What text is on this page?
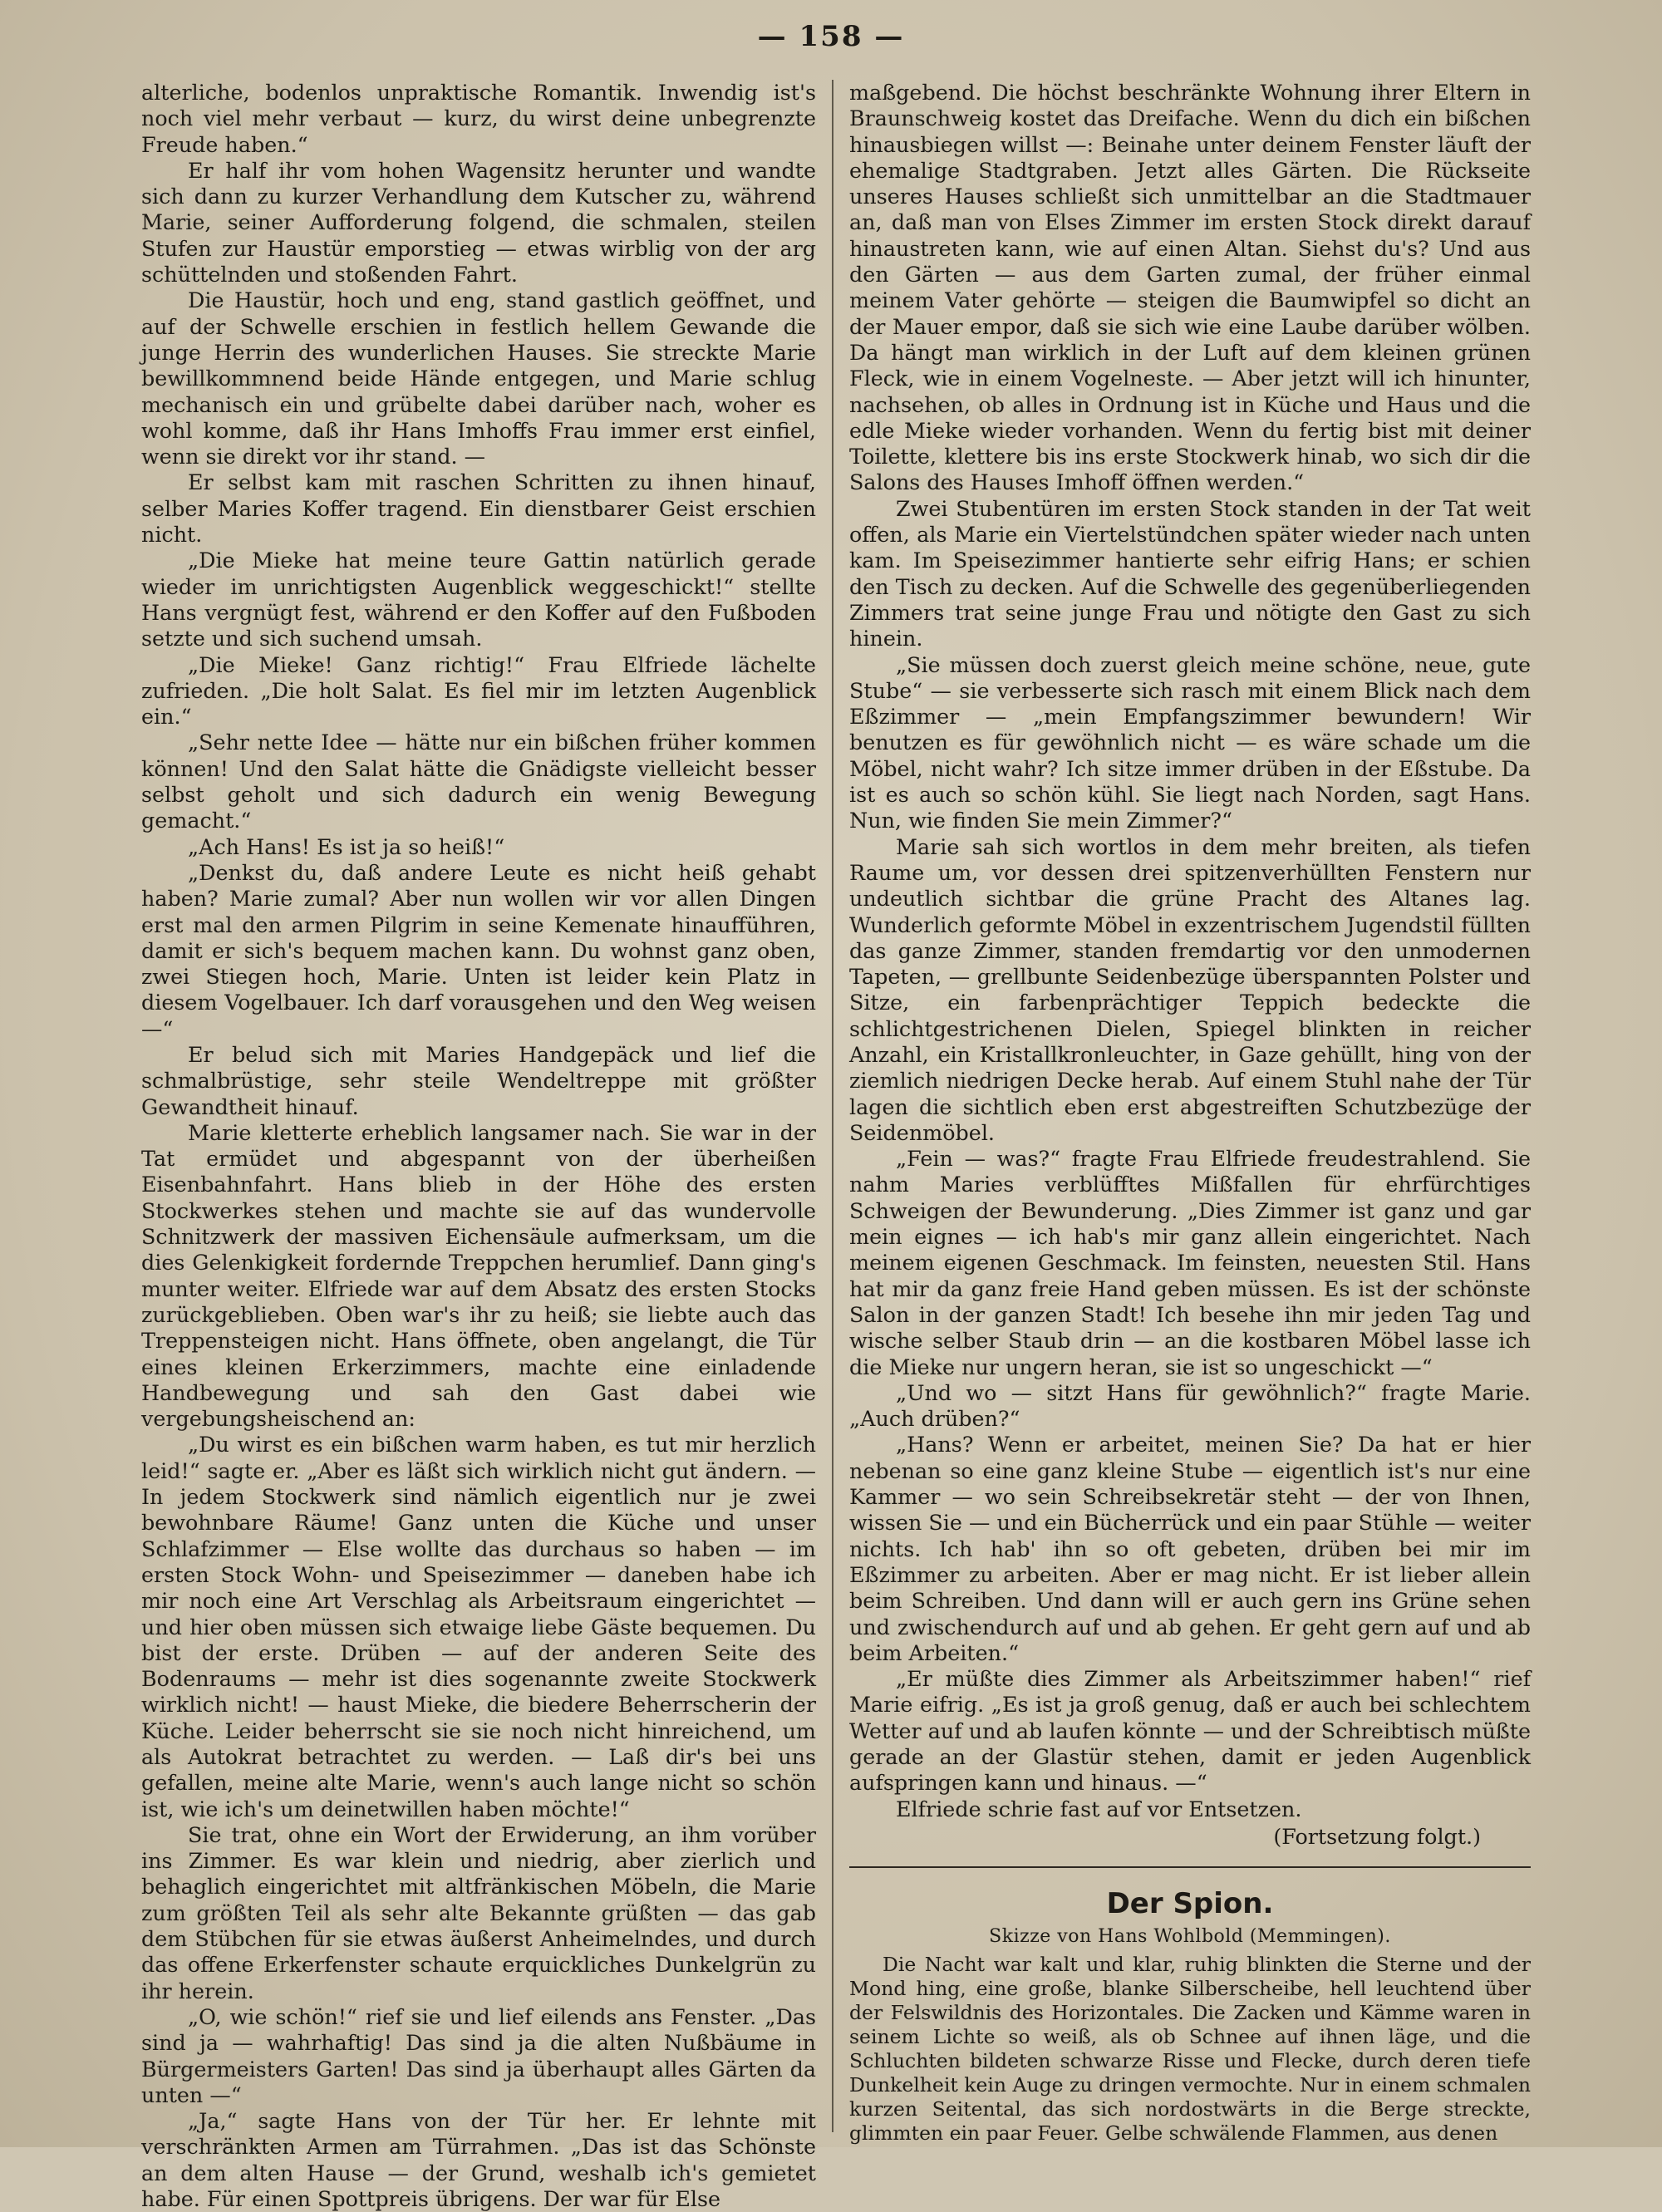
— 158 —

alterliche, bodenlos unpraktische Romantik. Inwendig ist's noch viel mehr verbaut — kurz, du wirst deine unbegrenzte Freude haben.“

Er half ihr vom hohen Wagensitz herunter und wandte sich dann zu kurzer Verhandlung dem Kutscher zu, während Marie, seiner Aufforderung folgend, die schmalen, steilen Stufen zur Haustür emporstieg — etwas wirblig von der arg schüttelnden und stoßenden Fahrt.

Die Haustür, hoch und eng, stand gastlich geöffnet, und auf der Schwelle erschien in festlich hellem Gewande die junge Herrin des wunderlichen Hauses. Sie streckte Marie bewillkommnend beide Hände entgegen, und Marie schlug mechanisch ein und grübelte dabei darüber nach, woher es wohl komme, daß ihr Hans Imhoffs Frau immer erst einfiel, wenn sie direkt vor ihr stand. —

Er selbst kam mit raschen Schritten zu ihnen hinauf, selber Maries Koffer tragend. Ein dienstbarer Geist erschien nicht.

„Die Mieke hat meine teure Gattin natürlich gerade wieder im unrichtigsten Augenblick weggeschickt!“ stellte Hans vergnügt fest, während er den Koffer auf den Fußboden setzte und sich suchend umsah.

„Die Mieke! Ganz richtig!“ Frau Elfriede lächelte zufrieden. „Die holt Salat. Es fiel mir im letzten Augenblick ein.“

„Sehr nette Idee — hätte nur ein bißchen früher kommen können! Und den Salat hätte die Gnädigste vielleicht besser selbst geholt und sich dadurch ein wenig Bewegung gemacht.“

„Ach Hans! Es ist ja so heiß!“

„Denkst du, daß andere Leute es nicht heiß gehabt haben? Marie zumal? Aber nun wollen wir vor allen Dingen erst mal den armen Pilgrim in seine Kemenate hinaufführen, damit er sich's bequem machen kann. Du wohnst ganz oben, zwei Stiegen hoch, Marie. Unten ist leider kein Platz in diesem Vogelbauer. Ich darf vorausgehen und den Weg weisen —“

Er belud sich mit Maries Handgepäck und lief die schmalbrüstige, sehr steile Wendeltreppe mit größter Gewandtheit hinauf.

Marie kletterte erheblich langsamer nach. Sie war in der Tat ermüdet und abgespannt von der überheißen Eisenbahnfahrt. Hans blieb in der Höhe des ersten Stockwerkes stehen und machte sie auf das wundervolle Schnitzwerk der massiven Eichensäule aufmerksam, um die dies Gelenkigkeit fordernde Treppchen herumlief. Dann ging's munter weiter. Elfriede war auf dem Absatz des ersten Stocks zurückgeblieben. Oben war's ihr zu heiß; sie liebte auch das Treppensteigen nicht. Hans öffnete, oben angelangt, die Tür eines kleinen Erkerzimmers, machte eine einladende Handbewegung und sah den Gast dabei wie vergebungsheischend an:

„Du wirst es ein bißchen warm haben, es tut mir herzlich leid!“ sagte er. „Aber es läßt sich wirklich nicht gut ändern. — In jedem Stockwerk sind nämlich eigentlich nur je zwei bewohnbare Räume! Ganz unten die Küche und unser Schlafzimmer — Else wollte das durchaus so haben — im ersten Stock Wohn- und Speisezimmer — daneben habe ich mir noch eine Art Verschlag als Arbeitsraum eingerichtet — und hier oben müssen sich etwaige liebe Gäste bequemen. Du bist der erste. Drüben — auf der anderen Seite des Bodenraums — mehr ist dies sogenannte zweite Stockwerk wirklich nicht! — haust Mieke, die biedere Beherrscherin der Küche. Leider beherrscht sie sie noch nicht hinreichend, um als Autokrat betrachtet zu werden. — Laß dir's bei uns gefallen, meine alte Marie, wenn's auch lange nicht so schön ist, wie ich's um deinetwillen haben möchte!“

Sie trat, ohne ein Wort der Erwiderung, an ihm vorüber ins Zimmer. Es war klein und niedrig, aber zierlich und behaglich eingerichtet mit altfränkischen Möbeln, die Marie zum größten Teil als sehr alte Bekannte grüßten — das gab dem Stübchen für sie etwas äußerst Anheimelndes, und durch das offene Erkerfenster schaute erquickliches Dunkelgrün zu ihr herein.

„O, wie schön!“ rief sie und lief eilends ans Fenster. „Das sind ja — wahrhaftig! Das sind ja die alten Nußbäume in Bürgermeisters Garten! Das sind ja überhaupt alles Gärten da unten —“

„Ja,“ sagte Hans von der Tür her. Er lehnte mit verschränkten Armen am Türrahmen. „Das ist das Schönste an dem alten Hause — der Grund, weshalb ich's gemietet habe. Für einen Spottpreis übrigens. Der war für Else

maßgebend. Die höchst beschränkte Wohnung ihrer Eltern in Braunschweig kostet das Dreifache. Wenn du dich ein bißchen hinausbiegen willst —: Beinahe unter deinem Fenster läuft der ehemalige Stadtgraben. Jetzt alles Gärten. Die Rückseite unseres Hauses schließt sich unmittelbar an die Stadtmauer an, daß man von Elses Zimmer im ersten Stock direkt darauf hinaustreten kann, wie auf einen Altan. Siehst du's? Und aus den Gärten — aus dem Garten zumal, der früher einmal meinem Vater gehörte — steigen die Baumwipfel so dicht an der Mauer empor, daß sie sich wie eine Laube darüber wölben. Da hängt man wirklich in der Luft auf dem kleinen grünen Fleck, wie in einem Vogelneste. — Aber jetzt will ich hinunter, nachsehen, ob alles in Ordnung ist in Küche und Haus und die edle Mieke wieder vorhanden. Wenn du fertig bist mit deiner Toilette, klettere bis ins erste Stockwerk hinab, wo sich dir die Salons des Hauses Imhoff öffnen werden.“

Zwei Stubentüren im ersten Stock standen in der Tat weit offen, als Marie ein Viertelstündchen später wieder nach unten kam. Im Speisezimmer hantierte sehr eifrig Hans; er schien den Tisch zu decken. Auf die Schwelle des gegenüberliegenden Zimmers trat seine junge Frau und nötigte den Gast zu sich hinein.

„Sie müssen doch zuerst gleich meine schöne, neue, gute Stube“ — sie verbesserte sich rasch mit einem Blick nach dem Eßzimmer — „mein Empfangszimmer bewundern! Wir benutzen es für gewöhnlich nicht — es wäre schade um die Möbel, nicht wahr? Ich sitze immer drüben in der Eßstube. Da ist es auch so schön kühl. Sie liegt nach Norden, sagt Hans. Nun, wie finden Sie mein Zimmer?“

Marie sah sich wortlos in dem mehr breiten, als tiefen Raume um, vor dessen drei spitzenverhüllten Fenstern nur undeutlich sichtbar die grüne Pracht des Altanes lag. Wunderlich geformte Möbel in exzentrischem Jugendstil füllten das ganze Zimmer, standen fremdartig vor den unmodernen Tapeten, — grellbunte Seidenbezüge überspannten Polster und Sitze, ein farbenprächtiger Teppich bedeckte die schlichtgestrichenen Dielen, Spiegel blinkten in reicher Anzahl, ein Kristallkronleuchter, in Gaze gehüllt, hing von der ziemlich niedrigen Decke herab. Auf einem Stuhl nahe der Tür lagen die sichtlich eben erst abgestreiften Schutzbezüge der Seidenmöbel.

„Fein — was?“ fragte Frau Elfriede freudestrahlend. Sie nahm Maries verblüfftes Mißfallen für ehrfürchtiges Schweigen der Bewunderung. „Dies Zimmer ist ganz und gar mein eignes — ich hab's mir ganz allein eingerichtet. Nach meinem eigenen Geschmack. Im feinsten, neuesten Stil. Hans hat mir da ganz freie Hand geben müssen. Es ist der schönste Salon in der ganzen Stadt! Ich besehe ihn mir jeden Tag und wische selber Staub drin — an die kostbaren Möbel lasse ich die Mieke nur ungern heran, sie ist so ungeschickt —“

„Und wo — sitzt Hans für gewöhnlich?“ fragte Marie. „Auch drüben?“

„Hans? Wenn er arbeitet, meinen Sie? Da hat er hier nebenan so eine ganz kleine Stube — eigentlich ist's nur eine Kammer — wo sein Schreibsekretär steht — der von Ihnen, wissen Sie — und ein Bücherrück und ein paar Stühle — weiter nichts. Ich hab' ihn so oft gebeten, drüben bei mir im Eßzimmer zu arbeiten. Aber er mag nicht. Er ist lieber allein beim Schreiben. Und dann will er auch gern ins Grüne sehen und zwischendurch auf und ab gehen. Er geht gern auf und ab beim Arbeiten.“

„Er müßte dies Zimmer als Arbeitszimmer haben!“ rief Marie eifrig. „Es ist ja groß genug, daß er auch bei schlechtem Wetter auf und ab laufen könnte — und der Schreibtisch müßte gerade an der Glastür stehen, damit er jeden Augenblick aufspringen kann und hinaus. —“

Elfriede schrie fast auf vor Entsetzen.

(Fortsetzung folgt.)

Der Spion.
Skizze von Hans Wohlbold (Memmingen).

Die Nacht war kalt und klar, ruhig blinkten die Sterne und der Mond hing, eine große, blanke Silberscheibe, hell leuchtend über der Felswildnis des Horizontales. Die Zacken und Kämme waren in seinem Lichte so weiß, als ob Schnee auf ihnen läge, und die Schluchten bildeten schwarze Risse und Flecke, durch deren tiefe Dunkelheit kein Auge zu dringen vermochte. Nur in einem schmalen kurzen Seitental, das sich nordostwärts in die Berge streckte, glimmten ein paar Feuer. Gelbe schwälende Flammen, aus denen
